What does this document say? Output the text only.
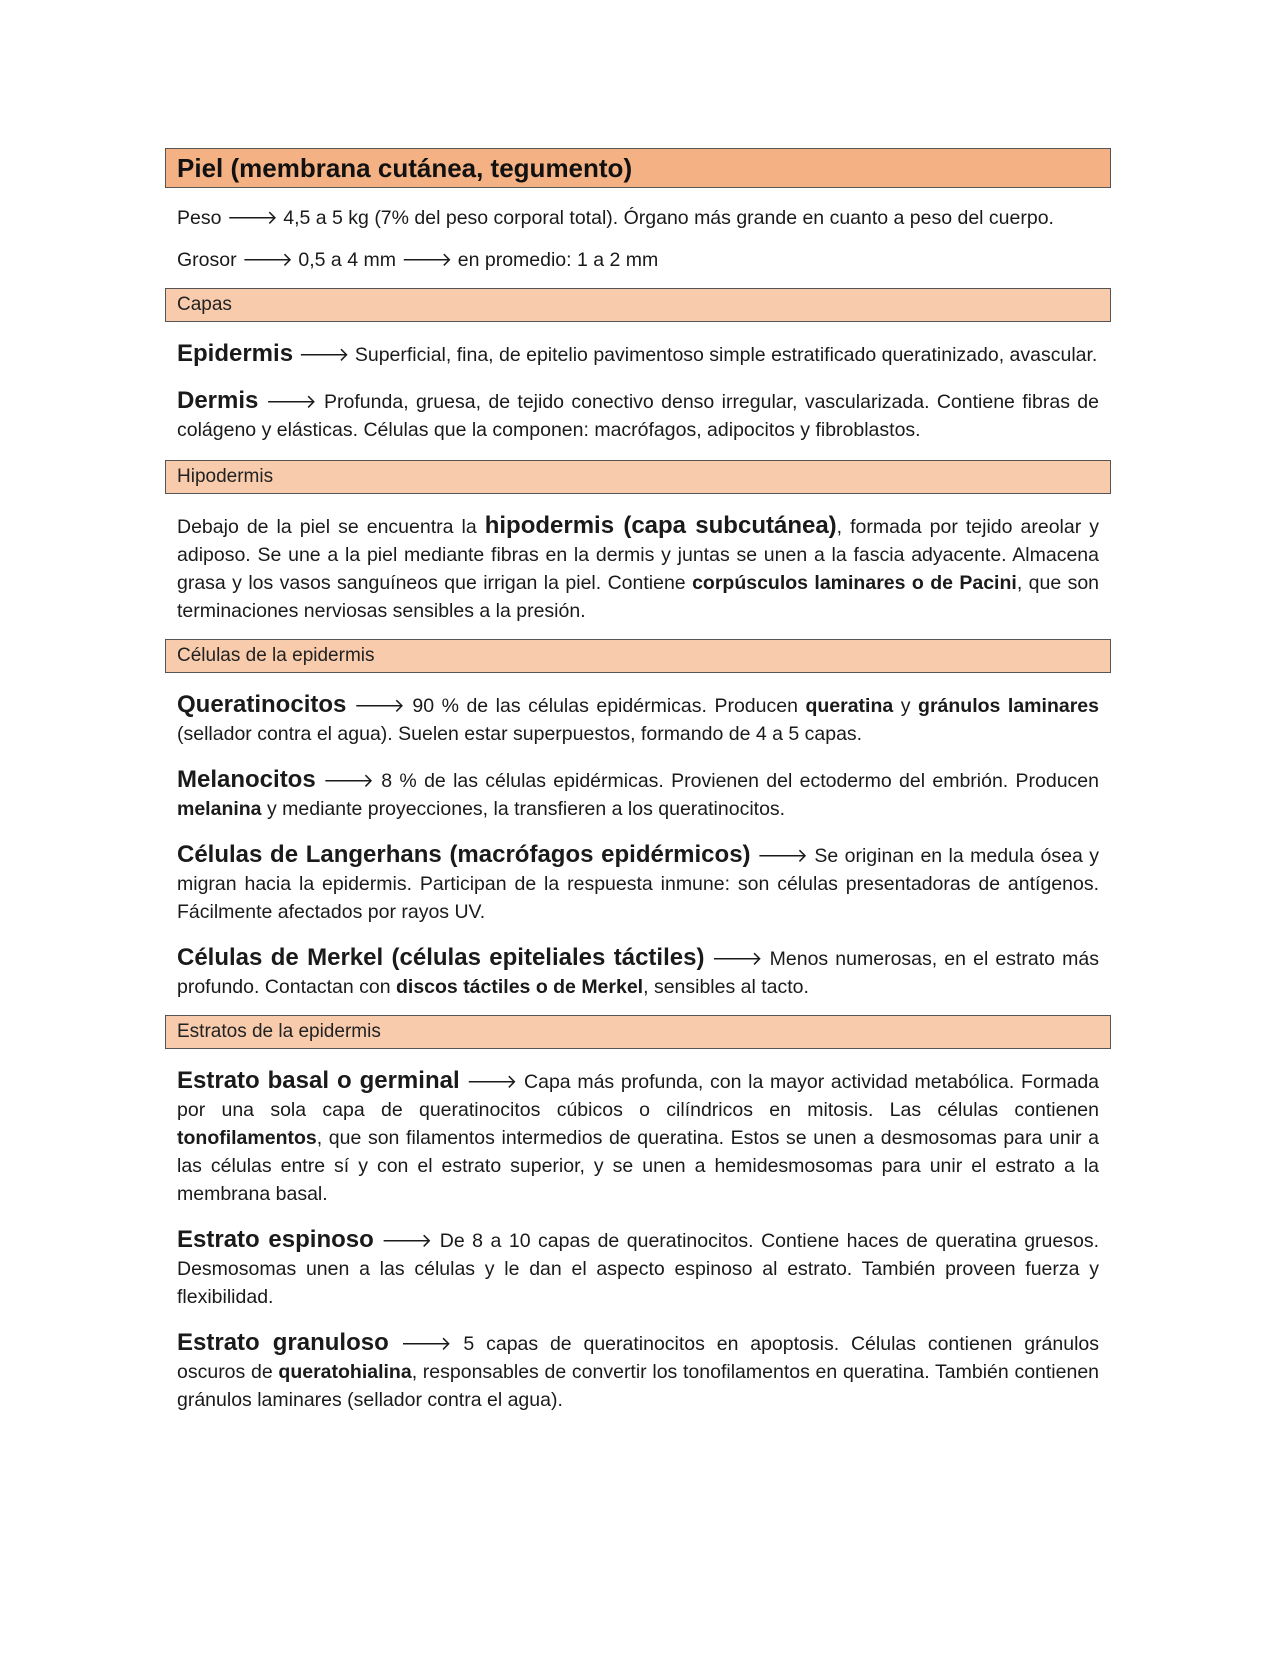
Piel (membrana cutánea, tegumento)

Peso 🡒 4,5 a 5 kg (7% del peso corporal total). Órgano más grande en cuanto a peso del cuerpo.

Grosor 🡒 0,5 a 4 mm 🡒 en promedio: 1 a 2 mm

Capas

Epidermis 🡒 Superficial, fina, de epitelio pavimentoso simple estratificado queratinizado, avascular.

Dermis 🡒 Profunda, gruesa, de tejido conectivo denso irregular, vascularizada. Contiene fibras de colágeno y elásticas. Células que la componen: macrófagos, adipocitos y fibroblastos.

Hipodermis

Debajo de la piel se encuentra la hipodermis (capa subcutánea), formada por tejido areolar y adiposo. Se une a la piel mediante fibras en la dermis y juntas se unen a la fascia adyacente. Almacena grasa y los vasos sanguíneos que irrigan la piel. Contiene corpúsculos laminares o de Pacini, que son terminaciones nerviosas sensibles a la presión.

Células de la epidermis

Queratinocitos 🡒 90 % de las células epidérmicas. Producen queratina y gránulos laminares (sellador contra el agua). Suelen estar superpuestos, formando de 4 a 5 capas.

Melanocitos 🡒 8 % de las células epidérmicas. Provienen del ectodermo del embrión. Producen melanina y mediante proyecciones, la transfieren a los queratinocitos.

Células de Langerhans (macrófagos epidérmicos) 🡒 Se originan en la medula ósea y migran hacia la epidermis. Participan de la respuesta inmune: son células presentadoras de antígenos. Fácilmente afectados por rayos UV.

Células de Merkel (células epiteliales táctiles) 🡒 Menos numerosas, en el estrato más profundo. Contactan con discos táctiles o de Merkel, sensibles al tacto.

Estratos de la epidermis

Estrato basal o germinal 🡒 Capa más profunda, con la mayor actividad metabólica. Formada por una sola capa de queratinocitos cúbicos o cilíndricos en mitosis. Las células contienen tonofilamentos, que son filamentos intermedios de queratina. Estos se unen a desmosomas para unir a las células entre sí y con el estrato superior, y se unen a hemidesmosomas para unir el estrato a la membrana basal.

Estrato espinoso 🡒 De 8 a 10 capas de queratinocitos. Contiene haces de queratina gruesos. Desmosomas unen a las células y le dan el aspecto espinoso al estrato. También proveen fuerza y flexibilidad.

Estrato granuloso 🡒 5 capas de queratinocitos en apoptosis. Células contienen gránulos oscuros de queratohialina, responsables de convertir los tonofilamentos en queratina. También contienen gránulos laminares (sellador contra el agua).
